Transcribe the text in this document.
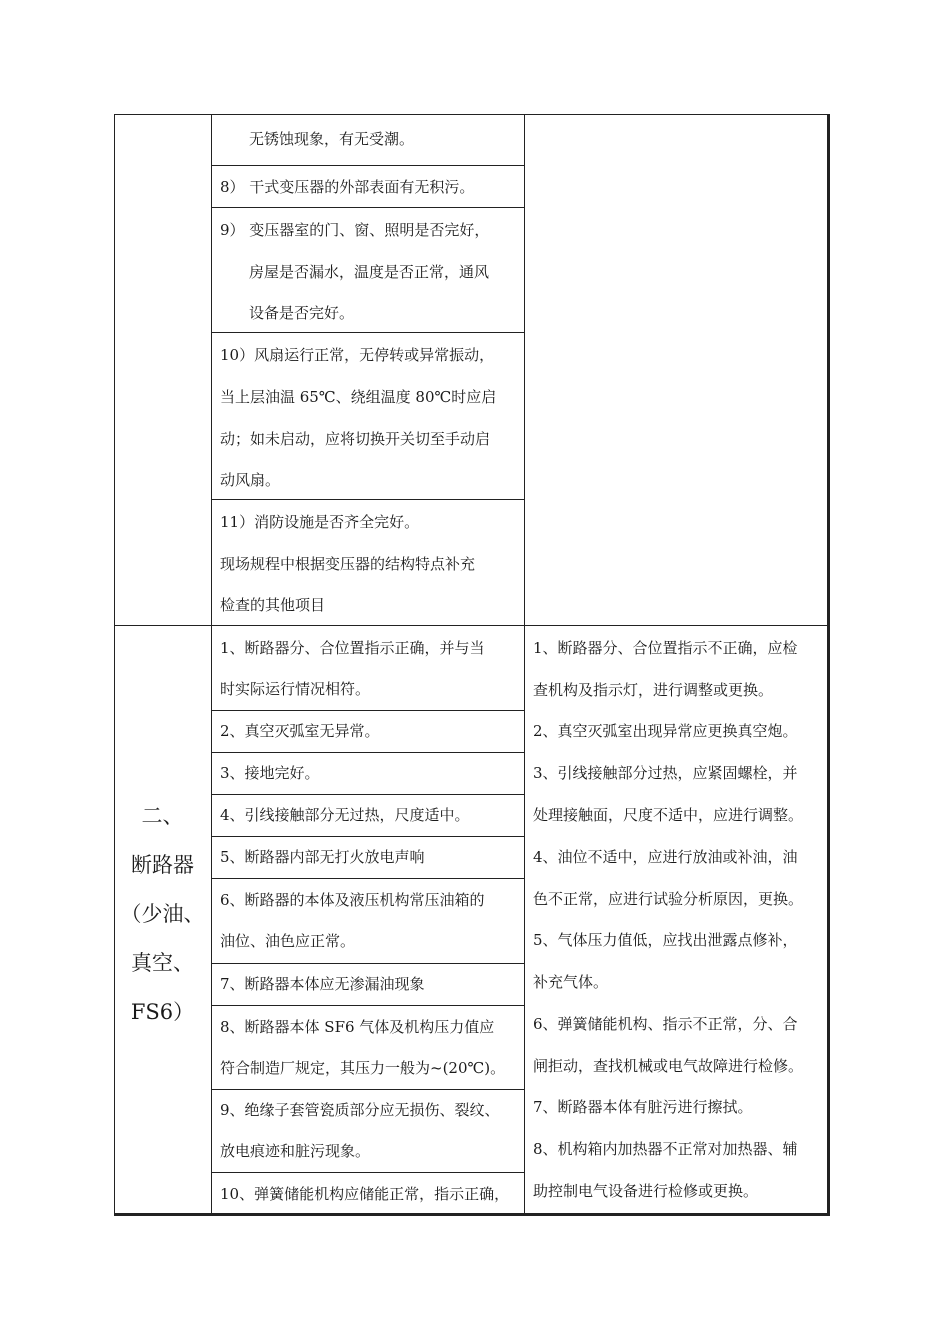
无锈蚀现象，有无受潮。
8） 干式变压器的外部表面有无积污。
9） 变压器室的门、窗、照明是否完好，
房屋是否漏水，温度是否正常，通风
设备是否完好。
10）风扇运行正常，无停转或异常振动，
当上层油温 65℃、绕组温度 80℃时应启
动；如未启动，应将切换开关切至手动启
动风扇。
11）消防设施是否齐全完好。
现场规程中根据变压器的结构特点补充
检查的其他项目
二、
断路器
（少油、
真空、
FS6）
1、断路器分、合位置指示正确，并与当
时实际运行情况相符。
2、真空灭弧室无异常。
3、接地完好。
4、引线接触部分无过热，尺度适中。
5、断路器内部无打火放电声响
6、断路器的本体及液压机构常压油箱的
油位、油色应正常。
7、断路器本体应无渗漏油现象
8、断路器本体 SF6 气体及机构压力值应
符合制造厂规定，其压力一般为~(20℃)。
9、绝缘子套管瓷质部分应无损伤、裂纹、
放电痕迹和脏污现象。
10、弹簧储能机构应储能正常，指示正确，
1、断路器分、合位置指示不正确，应检
查机构及指示灯，进行调整或更换。
2、真空灭弧室出现异常应更换真空炮。
3、引线接触部分过热，应紧固螺栓，并
处理接触面，尺度不适中，应进行调整。
4、油位不适中，应进行放油或补油，油
色不正常，应进行试验分析原因，更换。
5、气体压力值低，应找出泄露点修补，
补充气体。
6、弹簧储能机构、指示不正常，分、合
闸拒动，查找机械或电气故障进行检修。
7、断路器本体有脏污进行擦拭。
8、机构箱内加热器不正常对加热器、辅
助控制电气设备进行检修或更换。
